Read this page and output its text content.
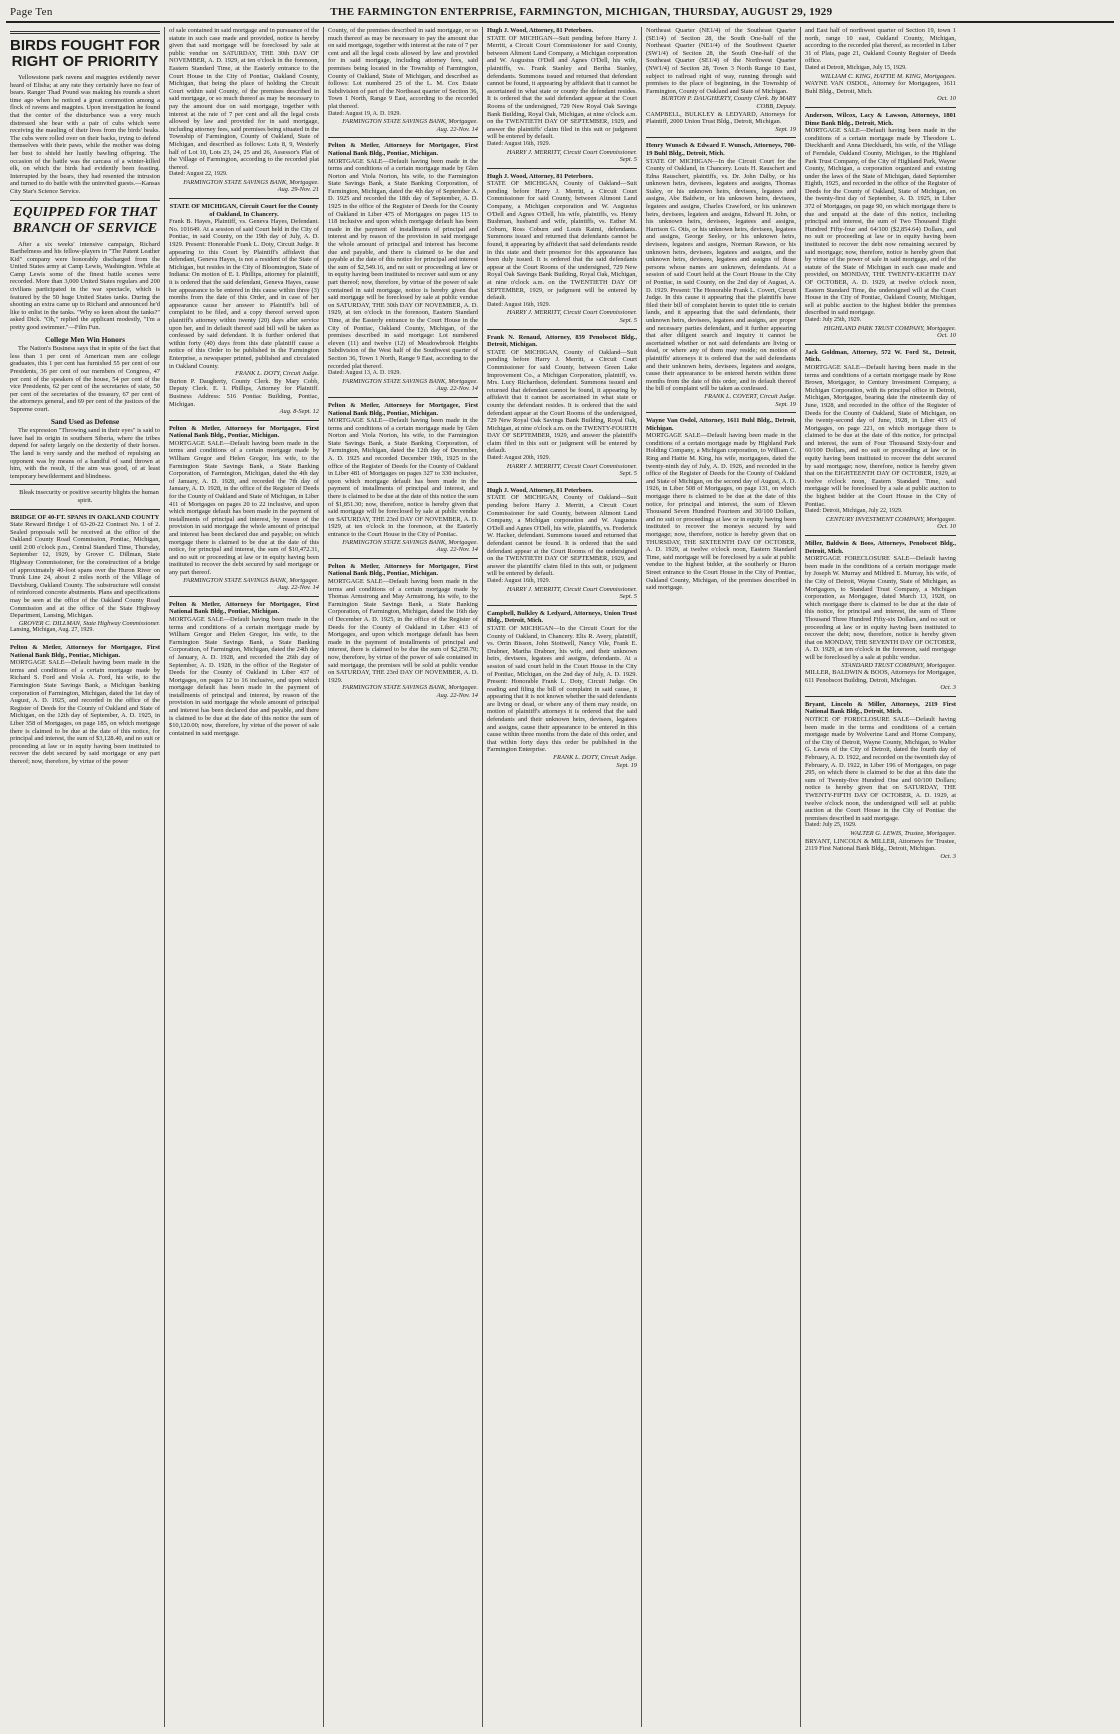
Page Ten	THE FARMINGTON ENTERPRISE, FARMINGTON, MICHIGAN, THURSDAY, AUGUST 29, 1929
BIRDS FOUGHT FOR RIGHT OF PRIORITY

Yellowstone park ravens and magpies evidently never heard of Elisha; at any rate they certainly have no fear of bears. Ranger Thad Pound was making his rounds a short time ago when he noticed a great commotion among a flock of ravens and magpies. Upon investigation he found that the center of the disturbance was a very much distressed she bear with a pair of cubs which were receiving the mauling of their lives from the birds' beaks. The cubs were rolled over on their backs, trying to defend themselves with their paws, while the mother was doing her best to shield her lustily bawling offspring. The occasion of the battle was the carcass of a winter-killed elk, on which the birds had evidently been feasting. Interrupted by the bears, they had resented the intrusion and turned to do battle with the uninvited guests.—Kansas City Star's Science Service.

EQUIPPED FOR THAT BRANCH OF SERVICE

After a six weeks' intensive campaign, Richard Barthelmess and his fellow-players in "The Patent Leather Kid" company were honorably discharged from the United States army at Camp Lewis, Washington. While at Camp Lewis some of the finest battle scenes were recorded. More than 3,000 United States regulars and 200 civilians participated in the war spectacle, which is featured by the 50 huge United States tanks. During the shooting an extra came up to Richard and announced he'd like to enlist in the tanks. "Why so keen about the tanks?" asked Dick. "Oh," replied the applicant modestly, "I'm a pretty good swimmer."—Film Fun.

College Men Win Honors

The Nation's Business says that in spite of the fact that less than 1 per cent of American men are college graduates, this 1 per cent has furnished 55 per cent of our Presidents, 36 per cent of our members of Congress, 47 per cent of the speakers of the house, 54 per cent of the vice Presidents, 62 per cent of the secretaries of state, 50 per cent of the secretaries of the treasury, 67 per cent of the attorneys general, and 69 per cent of the justices of the Supreme court.

Sand Used as Defense

The expression "Throwing sand in their eyes" is said to have had its origin in southern Siberia, where the tribes depend for safety largely on the dexterity of their horses. The land is very sandy and the method of repulsing an opponent was by means of a handful of sand thrown at him, with the result, if the aim was good, of at least temporary bewilderment and blindness.

Bleak insecurity or positive security blights the human spirit.

BRIDGE OF 40-FT. SPANS IN OAKLAND COUNTY
State Reward Bridge 1 of 63-20-22 Contract No. 1 of 2. Sealed proposals will be received at the office of the Oakland County Road Commission, Pontiac, Michigan, until 2:00 o'clock p.m., Central Standard Time, Thursday, September 12, 1929, by Grover C. Dillman, State Highway Commissioner, for the construction of a bridge of approximately 40-foot spans over the Huron River on Trunk Line 24, about 2 miles north of the Village of Davisburg, Oakland County. The substructure will consist of reinforced concrete abutments. Plans and specifications may be seen at the office of the Oakland County Road Commission and at the office of the State Highway Department, Lansing, Michigan.
GROVER C. DILLMAN, State Highway Commissioner.
Lansing, Michigan, Aug. 27, 1929.
Pelton & Metler, Attorneys for Mortgagee, First National Bank Bldg., Pontiac, Michigan.
MORTGAGE SALE—Default having been made in the terms and conditions of a certain mortgage made by Richard S. Ford and Viola A. Ford, his wife, to the Farmington State Savings Bank, a Michigan banking corporation of Farmington, Michigan, dated the 1st day of August, A. D. 1925, and recorded in the office of the Register of Deeds for the County of Oakland and State of Michigan, on the 12th day of September, A. D. 1925, in Liber 358 of Mortgages, on page 185, on which mortgage there is claimed to be due at the date of this notice, for principal and interest, the sum of $3,128.40, and no suit or proceeding at law or in equity having been instituted to recover the debt secured by said mortgage or any part thereof; now, therefore, by virtue of the power
of sale contained in said mortgage and in pursuance of the statute in such case made and provided, notice is hereby given that said mortgage will be foreclosed by sale at public vendue on SATURDAY, THE 30th DAY OF NOVEMBER, A. D. 1929, at ten o'clock in the forenoon, Eastern Standard Time, at the Easterly entrance to the Court House in the City of Pontiac, Oakland County, Michigan, that being the place of holding the Circuit Court within said County, of the premises described in said mortgage, or so much thereof as may be necessary to pay the amount due on said mortgage, together with interest at the rate of 7 per cent and all the legal costs allowed by law and provided for in said mortgage, including attorney fees, said premises being situated in the Township of Farmington, County of Oakland, State of Michigan, and described as follows: Lots 8, 9, Westerly half of Lot 10, Lots 23, 24, 25 and 26, Assessor's Plat of the Village of Farmington, according to the recorded plat thereof.
Dated: August 22, 1929.
FARMINGTON STATE SAVINGS BANK, Mortgagee.
Aug. 29-Nov. 21
STATE OF MICHIGAN, Circuit Court for the County of Oakland, In Chancery.
Frank B. Hayes, Plaintiff, vs. Geneva Hayes, Defendant. No. 101649. At a session of said Court held in the City of Pontiac, in said County, on the 19th day of July, A. D. 1929. Present: Honorable Frank L. Doty, Circuit Judge. It appearing to this Court by Plaintiff's affidavit that defendant, Geneva Hayes, is not a resident of the State of Michigan, but resides in the City of Bloomington, State of Indiana: On motion of E. I. Phillips, attorney for plaintiff, it is ordered that the said defendant, Geneva Hayes, cause her appearance to be entered in this cause within three (3) months from the date of this Order, and in case of her appearance cause her answer to Plaintiff's bill of complaint to be filed, and a copy thereof served upon plaintiff's attorney within twenty (20) days after service upon her, and in default thereof said bill will be taken as confessed by said defendant. It is further ordered that within forty (40) days from this date plaintiff cause a notice of this Order to be published in the Farmington Enterprise, a newspaper printed, published and circulated in Oakland County.
FRANK L. DOTY, Circuit Judge.
Burton P. Daugherty, County Clerk. By Mary Cobb, Deputy Clerk. E. I. Phillips, Attorney for Plaintiff. Business Address: 516 Pontiac Building, Pontiac, Michigan.
Aug. 8-Sept. 12
Pelton & Metler, Attorneys for Mortgagee, First National Bank Bldg., Pontiac, Michigan.
MORTGAGE SALE—Default having been made in the terms and conditions of a certain mortgage made by William Gregor and Helen Gregor, his wife, to the Farmington State Savings Bank, a State Banking Corporation, of Farmington, Michigan, dated the 4th day of January, A. D. 1928, and recorded the 7th day of January, A. D. 1928, in the office of the Register of Deeds for the County of Oakland and State of Michigan, in Liber 411 of Mortgages on pages 20 to 22 inclusive, and upon which mortgage default has been made in the payment of installments of principal and interest, by reason of the provision in said mortgage the whole amount of principal and interest has been declared due and payable; on which mortgage there is claimed to be due at the date of this notice, for principal and interest, the sum of $10,472.31, and no suit or proceeding at law or in equity having been instituted to recover the debt secured by said mortgage or any part thereof.
FARMINGTON STATE SAVINGS BANK, Mortgagee.
Aug. 22-Nov. 14
Pelton & Metler, Attorneys for Mortgagee, First National Bank Bldg., Pontiac, Michigan.
MORTGAGE SALE—Default having been made in the terms and conditions of a certain mortgage made by William Gregor and Helen Gregor, his wife, to the Farmington State Savings Bank, a State Banking Corporation, of Farmington, Michigan, dated the 24th day of January, A. D. 1928, and recorded the 26th day of September, A. D. 1928, in the office of the Register of Deeds for the County of Oakland in Liber 437 of Mortgages, on pages 12 to 16 inclusive, and upon which mortgage default has been made in the payment of installments of principal and interest, by reason of the provision in said mortgage the whole amount of principal and interest has been declared due and payable, and there is claimed to be due at the date of this notice the sum of $10,120.00; now, therefore, by virtue of the power of sale contained in said mortgage.
County, of the premises described in said mortgage, or so much thereof as may be necessary to pay the amount due on said mortgage, together with interest at the rate of 7 per cent and all the legal costs allowed by law and provided for in said mortgage, including attorney fees, said premises being located in the Township of Farmington, County of Oakland, State of Michigan, and described as follows: Lot numbered 25 of the L. M. Cox Estate Subdivision of part of the Northeast quarter of Section 36, Town 1 North, Range 9 East, according to the recorded plat thereof.
Dated: August 19, A. D. 1929.
FARMINGTON STATE SAVINGS BANK, Mortgagee.
Aug. 22-Nov. 14
Pelton & Metler, Attorneys for Mortgagee, First National Bank Bldg., Pontiac, Michigan.
MORTGAGE SALE—Default having been made in the terms and conditions of a certain mortgage made by Glen Norton and Viola Norton, his wife, to the Farmington State Savings Bank, a State Banking Corporation, of Farmington, Michigan, dated the 4th day of September A. D. 1925 and recorded the 18th day of September, A. D. 1925 in the office of the Register of Deeds for the County of Oakland in Liber 475 of Mortgages on pages 115 to 118 inclusive and upon which mortgage default has been made in the payment of installments of principal and interest and by reason of the provision in said mortgage the whole amount of principal and interest has become due and payable, and there is claimed to be due and payable at the date of this notice for principal and interest the sum of $2,549.16, and no suit or proceeding at law or in equity having been instituted to recover said sum or any part thereof; now, therefore, by virtue of the power of sale contained in said mortgage, notice is hereby given that said mortgage will be foreclosed by sale at public vendue on SATURDAY, THE 30th DAY OF NOVEMBER, A. D. 1929, at ten o'clock in the forenoon, Eastern Standard Time, at the Easterly entrance to the Court House in the City of Pontiac, Oakland County, Michigan, of the premises described in said mortgage: Lot numbered eleven (11) and twelve (12) of Meadowbrook Heights Subdivision of the West half of the Southwest quarter of Section 36, Town 1 North, Range 9 East, according to the recorded plat thereof.
Dated: August 13, A. D. 1929.
FARMINGTON STATE SAVINGS BANK, Mortgagee.
Aug. 22-Nov. 14
Pelton & Metler, Attorneys for Mortgagee, First National Bank Bldg., Pontiac, Michigan.
MORTGAGE SALE—Default having been made in the terms and conditions of a certain mortgage made by Glen Norton and Viola Norton, his wife, to the Farmington State Savings Bank, a State Banking Corporation, of Farmington, Michigan, dated the 12th day of December, A. D. 1925 and recorded December 19th, 1925 in the office of the Register of Deeds for the County of Oakland in Liber 481 of Mortgages on pages 327 to 330 inclusive, upon which mortgage default has been made in the payment of installments of principal and interest, and there is claimed to be due at the date of this notice the sum of $1,851.30; now, therefore, notice is hereby given that said mortgage will be foreclosed by sale at public vendue on SATURDAY, THE 23rd DAY OF NOVEMBER, A. D. 1929, at ten o'clock in the forenoon, at the Easterly entrance to the Court House in the City of Pontiac.
FARMINGTON STATE SAVINGS BANK, Mortgagee.
Aug. 22-Nov. 14
Pelton & Metler, Attorneys for Mortgagee, First National Bank Bldg., Pontiac, Michigan.
MORTGAGE SALE—Default having been made in the terms and conditions of a certain mortgage made by Thomas Armstrong and May Armstrong, his wife, to the Farmington State Savings Bank, a State Banking Corporation, of Farmington, Michigan, dated the 16th day of December A. D. 1925, in the office of the Register of Deeds for the County of Oakland in Liber 413 of Mortgages, and upon which mortgage default has been made in the payment of installments of principal and interest, there is claimed to be due the sum of $2,250.70; now, therefore, by virtue of the power of sale contained in said mortgage, the premises will be sold at public vendue on SATURDAY, THE 23rd DAY OF NOVEMBER, A. D. 1929.
FARMINGTON STATE SAVINGS BANK, Mortgagee.
Aug. 22-Nov. 14
Hugh J. Wood, Attorney, 81 Peterboro.
STATE OF MICHIGAN—Suit pending before Harry J. Merritt, a Circuit Court Commissioner for said County, between Altmont Land Company, a Michigan corporation and W. Augustus O'Dell and Agnes O'Dell, his wife, plaintiffs, vs. Frank Stanley and Bertha Stanley, defendants. Summons issued and returned that defendant cannot be found, it appearing by affidavit that it cannot be ascertained in what state or county the defendant resides. It is ordered that the said defendant appear at the Court Rooms of the undersigned, 729 New Royal Oak Savings Bank Building, Royal Oak, Michigan, at nine o'clock a.m. on the TWENTIETH DAY OF SEPTEMBER, 1929, and answer the plaintiffs' claim filed in this suit or judgment will be entered by default.
Dated: August 16th, 1929.
HARRY J. MERRITT, Circuit Court Commissioner.
Sept. 5
Hugh J. Wood, Attorney, 81 Peterboro.
STATE OF MICHIGAN, County of Oakland—Suit pending before Harry J. Merritt, a Circuit Court Commissioner for said County, between Altmont Land Company, a Michigan corporation and W. Augustus O'Dell and Agnes O'Dell, his wife, plaintiffs, vs. Henry Bushman, husband and wife, plaintiffs, vs. Esther M. Coburn, Ross Coburn and Louis Raimi, defendants. Summons issued and returned that defendants cannot be found, it appearing by affidavit that said defendants reside in this state and their presence for this appearance has been duly issued. It is ordered that the said defendants appear at the Court Rooms of the undersigned, 729 New Royal Oak Savings Bank Building, Royal Oak, Michigan, at nine o'clock a.m. on the TWENTIETH DAY OF SEPTEMBER, 1929, or judgment will be entered by default.
Dated: August 16th, 1929.
HARRY J. MERRITT, Circuit Court Commissioner.
Sept. 5
Frank N. Renaud, Attorney, 839 Penobscot Bldg., Detroit, Michigan.
STATE OF MICHIGAN, County of Oakland—Suit pending before Harry J. Merritt, a Circuit Court Commissioner for said County, between Green Lake Improvement Co., a Michigan Corporation, plaintiff, vs. Mrs. Lucy Richardson, defendant. Summons issued and returned that defendant cannot be found, it appearing by affidavit that it cannot be ascertained in what state or county the defendant resides. It is ordered that the said defendant appear at the Court Rooms of the undersigned, 729 New Royal Oak Savings Bank Building, Royal Oak, Michigan, at nine o'clock a.m. on the TWENTY-FOURTH DAY OF SEPTEMBER, 1929, and answer the plaintiff's claim filed in this suit or judgment will be entered by default.
Dated: August 20th, 1929.
HARRY J. MERRITT, Circuit Court Commissioner.
Sept. 5
Hugh J. Wood, Attorney, 81 Peterboro.
STATE OF MICHIGAN, County of Oakland—Suit pending before Harry J. Merritt, a Circuit Court Commissioner for said County, between Altmont Land Company, a Michigan corporation and W. Augustus O'Dell and Agnes O'Dell, his wife, plaintiffs, vs. Frederick W. Hacker, defendant. Summons issued and returned that defendant cannot be found. It is ordered that the said defendant appear at the Court Rooms of the undersigned on the TWENTIETH DAY OF SEPTEMBER, 1929, and answer the plaintiffs' claim filed in this suit, or judgment will be entered by default.
Dated: August 16th, 1929.
HARRY J. MERRITT, Circuit Court Commissioner.
Sept. 5
Campbell, Bulkley & Ledyard, Attorneys, Union Trust Bldg., Detroit, Mich.
STATE OF MICHIGAN—In the Circuit Court for the County of Oakland, in Chancery. Elis R. Avery, plaintiff, vs. Orrin Bisson, John Stottwell, Nancy Vile, Frank E. Drabner, Martha Drabner, his wife, and their unknown heirs, devisees, legatees and assigns, defendants. At a session of said court held in the Court House in the City of Pontiac, Michigan, on the 2nd day of July, A. D. 1929. Present: Honorable Frank L. Doty, Circuit Judge. On reading and filing the bill of complaint in said cause, it appearing that it is not known whether the said defendants are living or dead, or where any of them may reside, on motion of plaintiff's attorneys it is ordered that the said defendants and their unknown heirs, devisees, legatees and assigns, cause their appearance to be entered in this cause within three months from the date of this order, and that within forty days this order be published in the Farmington Enterprise.
FRANK L. DOTY, Circuit Judge.
Sept. 19
Northeast Quarter (NE1/4) of the Southeast Quarter (SE1/4) of Section 28, the South One-half of the Northeast Quarter (NE1/4) of the Southwest Quarter (SW1/4) of Section 28, the South One-half of the Southeast Quarter (SE1/4) of the Northwest Quarter (NW1/4) of Section 28, Town 3 North Range 10 East, subject to railroad right of way, running through said premises to the place of beginning, in the Township of Farmington, County of Oakland and State of Michigan.
BURTON P. DAUGHERTY, County Clerk. By MARY COBB, Deputy.
CAMPBELL, BULKLEY & LEDYARD, Attorneys for Plaintiff, 2000 Union Trust Bldg., Detroit, Michigan.
Sept. 19
Henry Wunsch & Edward F. Wunsch, Attorneys, 700-19 Buhl Bldg., Detroit, Mich.
STATE OF MICHIGAN—In the Circuit Court for the County of Oakland, in Chancery. Louis H. Rauschert and Edna Rauschert, plaintiffs, vs. Dr. John Dalby, or his unknown heirs, devisees, legatees and assigns, Thomas Staley, or his unknown heirs, devisees, legatees and assigns, Abe Baldwin, or his unknown heirs, devisees, legatees and assigns, Charles Crawford, or his unknown heirs, devisees, legatees and assigns, Edward H. John, or his unknown heirs, devisees, legatees and assigns, Harrison G. Otis, or his unknown heirs, devisees, legatees and assigns, George Seeley, or his unknown heirs, devisees, legatees and assigns, Norman Rawson, or his unknown heirs, devisees, legatees and assigns, and the unknown heirs, devisees, legatees and assigns of those persons whose names are unknown, defendants. At a session of said Court held at the Court House in the City of Pontiac, in said County, on the 2nd day of August, A. D. 1929. Present: The Honorable Frank L. Covert, Circuit Judge. In this cause it appearing that the plaintiffs have filed their bill of complaint herein to quiet title to certain lands, and it appearing that the said defendants, their unknown heirs, devisees, legatees and assigns, are proper and necessary parties defendant, and it further appearing that after diligent search and inquiry it cannot be ascertained whether or not said defendants are living or dead, or where any of them may reside; on motion of plaintiffs' attorneys it is ordered that the said defendants and their unknown heirs, devisees, legatees and assigns, cause their appearance to be entered herein within three months from the date of this order, and in default thereof the bill of complaint will be taken as confessed.
FRANK L. COVERT, Circuit Judge.
Sept. 19
Wayne Van Osdol, Attorney, 1611 Buhl Bldg., Detroit, Michigan.
MORTGAGE SALE—Default having been made in the conditions of a certain mortgage made by Highland Park Holding Company, a Michigan corporation, to William C. Ring and Hattie M. King, his wife, mortgagees, dated the twenty-ninth day of July, A. D. 1926, and recorded in the office of the Register of Deeds for the County of Oakland and State of Michigan, on the second day of August, A. D. 1926, in Liber 508 of Mortgages, on page 131, on which mortgage there is claimed to be due at the date of this notice, for principal and interest, the sum of Eleven Thousand Seven Hundred Fourteen and 30/100 Dollars, and no suit or proceedings at law or in equity having been instituted to recover the moneys secured by said mortgage; now, therefore, notice is hereby given that on THURSDAY, THE SIXTEENTH DAY OF OCTOBER, A. D. 1929, at twelve o'clock noon, Eastern Standard Time, said mortgage will be foreclosed by a sale at public vendue to the highest bidder, at the southerly or Huron Street entrance to the Court House in the City of Pontiac, Oakland County, Michigan, of the premises described in said mortgage.
and East half of northwest quarter of Section 19, town 1 north, range 10 east, Oakland County, Michigan, according to the recorded plat thereof, as recorded in Liber 31 of Plats, page 21, Oakland County Register of Deeds office.
Dated at Detroit, Michigan, July 15, 1929.
WILLIAM C. KING, HATTIE M. KING, Mortgagees.
WAYNE VAN OSDOL, Attorney for Mortgagees, 1611 Buhl Bldg., Detroit, Mich.
Oct. 10
Anderson, Wilcox, Lacy & Lawson, Attorneys, 1801 Dime Bank Bldg., Detroit, Mich.
MORTGAGE SALE—Default having been made in the conditions of a certain mortgage made by Theodore L. Dieckhardt and Anna Dieckhardt, his wife, of the Village of Ferndale, Oakland County, Michigan, to the Highland Park Trust Company, of the City of Highland Park, Wayne County, Michigan, a corporation organized and existing under the laws of the State of Michigan, dated September Eighth, 1925, and recorded in the office of the Register of Deeds for the County of Oakland, State of Michigan, on the twenty-first day of September, A. D. 1925, in Liber 372 of Mortgages, on page 90, on which mortgage there is due and unpaid at the date of this notice, including principal and interest, the sum of Two Thousand Eight Hundred Fifty-four and 64/100 ($2,854.64) Dollars, and no suit or proceeding at law or in equity having been instituted to recover the debt now remaining secured by said mortgage; now, therefore, notice is hereby given that by virtue of the power of sale in said mortgage, and of the statute of the State of Michigan in such case made and provided, on MONDAY, THE TWENTY-EIGHTH DAY OF OCTOBER, A. D. 1929, at twelve o'clock noon, Eastern Standard Time, the undersigned will at the Court House in the City of Pontiac, Oakland County, Michigan, sell at public auction to the highest bidder the premises described in said mortgage.
Dated: July 25th, 1929.
HIGHLAND PARK TRUST COMPANY, Mortgagee.
Oct. 10
Jack Goldman, Attorney, 572 W. Ford St., Detroit, Mich.
MORTGAGE SALE—Default having been made in the terms and conditions of a certain mortgage made by Rose Brown, Mortgagor, to Century Investment Company, a Michigan Corporation, with its principal office in Detroit, Michigan, Mortgagee, bearing date the nineteenth day of June, 1928, and recorded in the office of the Register of Deeds for the County of Oakland, State of Michigan, on the twenty-second day of June, 1928, in Liber 415 of Mortgages, on page 221, on which mortgage there is claimed to be due at the date of this notice, for principal and interest, the sum of Four Thousand Sixty-four and 60/100 Dollars, and no suit or proceeding at law or in equity having been instituted to recover the debt secured by said mortgage; now, therefore, notice is hereby given that on the EIGHTEENTH DAY OF OCTOBER, 1929, at twelve o'clock noon, Eastern Standard Time, said mortgage will be foreclosed by a sale at public auction to the highest bidder at the Court House in the City of Pontiac.
Dated: Detroit, Michigan, July 22, 1929.
CENTURY INVESTMENT COMPANY, Mortgagee.
Oct. 10
Miller, Baldwin & Boos, Attorneys, Penobscot Bldg., Detroit, Mich.
MORTGAGE FORECLOSURE SALE—Default having been made in the conditions of a certain mortgage made by Joseph W. Murray and Mildred E. Murray, his wife, of the City of Detroit, Wayne County, State of Michigan, as Mortgagors, to Standard Trust Company, a Michigan corporation, as Mortgagee, dated March 13, 1928, on which mortgage there is claimed to be due at the date of this notice, for principal and interest, the sum of Three Thousand Three Hundred Fifty-six Dollars, and no suit or proceeding at law or in equity having been instituted to recover the debt; now, therefore, notice is hereby given that on MONDAY, THE SEVENTH DAY OF OCTOBER, A. D. 1929, at ten o'clock in the forenoon, said mortgage will be foreclosed by a sale at public vendue.
STANDARD TRUST COMPANY, Mortgagee.
MILLER, BALDWIN & BOOS, Attorneys for Mortgagee, 611 Penobscot Building, Detroit, Michigan.
Oct. 3
Bryant, Lincoln & Miller, Attorneys, 2119 First National Bank Bldg., Detroit, Mich.
NOTICE OF FORECLOSURE SALE—Default having been made in the terms and conditions of a certain mortgage made by Wolverine Land and Home Company, of the City of Detroit, Wayne County, Michigan, to Walter G. Lewis of the City of Detroit, dated the fourth day of February, A. D. 1922, and recorded on the twentieth day of February, A. D. 1922, in Liber 196 of Mortgages, on page 295, on which there is claimed to be due at this date the sum of Twenty-five Hundred One and 60/100 Dollars; notice is hereby given that on SATURDAY, THE TWENTY-FIFTH DAY OF OCTOBER, A. D. 1929, at twelve o'clock noon, the undersigned will sell at public auction at the Court House in the City of Pontiac the premises described in said mortgage.
Dated: July 25, 1929.
WALTER G. LEWIS, Trustee, Mortgagee.
BRYANT, LINCOLN & MILLER, Attorneys for Trustee, 2119 First National Bank Bldg., Detroit, Michigan.
Oct. 3
